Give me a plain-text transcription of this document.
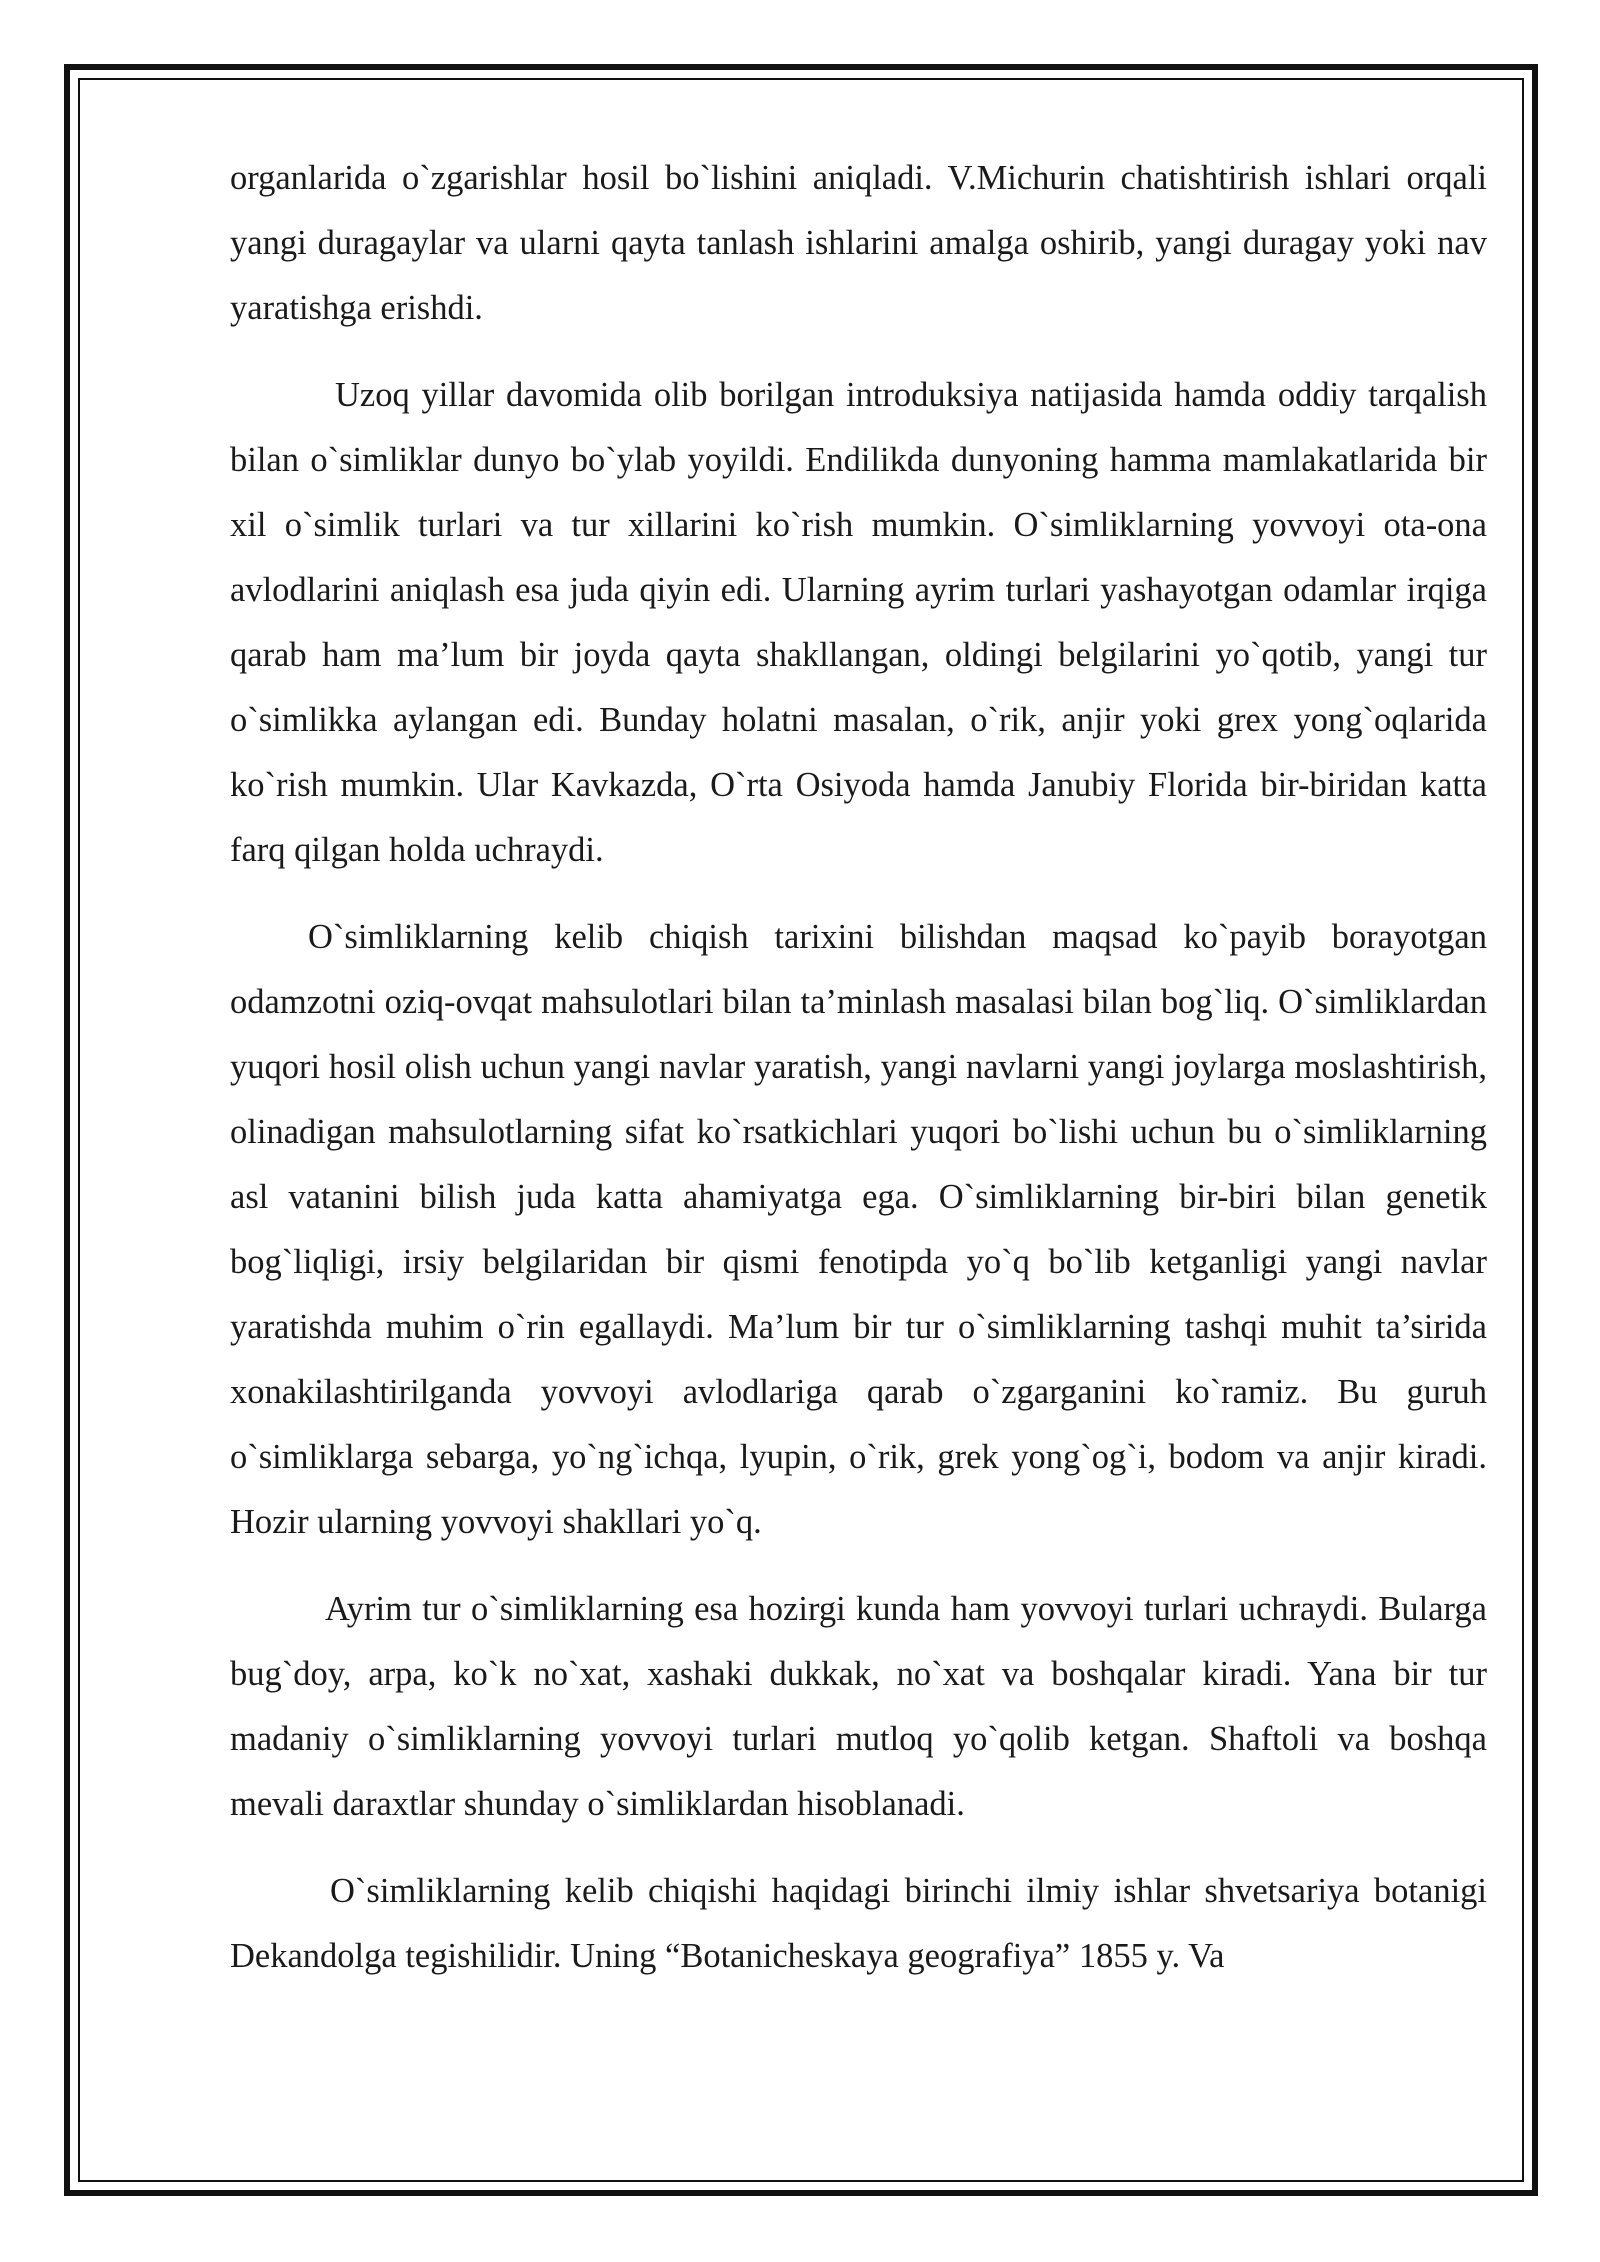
organlarida o`zgarishlar hosil bo`lishini aniqladi. V.Michurin chatishtirish ishlari orqali yangi duragaylar va ularni qayta tanlash ishlarini amalga oshirib, yangi duragay yoki nav yaratishga erishdi.

Uzoq yillar davomida olib borilgan introduksiya natijasida hamda oddiy tarqalish bilan o`simliklar dunyo bo`ylab yoyildi. Endilikda dunyoning hamma mamlakatlarida bir xil o`simlik turlari va tur xillarini ko`rish mumkin. O`simliklarning yovvoyi ota-ona avlodlarini aniqlash esa juda qiyin edi. Ularning ayrim turlari yashayotgan odamlar irqiga qarab ham ma’lum bir joyda qayta shakllangan, oldingi belgilarini yo`qotib, yangi tur o`simlikka aylangan edi. Bunday holatni masalan, o`rik, anjir yoki grex yong`oqlarida ko`rish mumkin. Ular Kavkazda, O`rta Osiyoda hamda Janubiy Florida bir-biridan katta farq qilgan holda uchraydi.

O`simliklarning kelib chiqish tarixini bilishdan maqsad ko`payib borayotgan odamzotni oziq-ovqat mahsulotlari bilan ta’minlash masalasi bilan bog`liq. O`simliklardan yuqori hosil olish uchun yangi navlar yaratish, yangi navlarni yangi joylarga moslashtirish, olinadigan mahsulotlarning sifat ko`rsatkichlari yuqori bo`lishi uchun bu o`simliklarning asl vatanini bilish juda katta ahamiyatga ega. O`simliklarning bir-biri bilan genetik bog`liqligi, irsiy belgilaridan bir qismi fenotipda yo`q bo`lib ketganligi yangi navlar yaratishda muhim o`rin egallaydi. Ma’lum bir tur o`simliklarning tashqi muhit ta’sirida xonakilashtirilganda yovvoyi avlodlariga qarab o`zgarganini ko`ramiz. Bu guruh o`simliklarga sebarga, yo`ng`ichqa, lyupin, o`rik, grek yong`og`i, bodom va anjir kiradi. Hozir ularning yovvoyi shakllari yo`q.

Ayrim tur o`simliklarning esa hozirgi kunda ham yovvoyi turlari uchraydi. Bularga bug`doy, arpa, ko`k no`xat, xashaki dukkak, no`xat va boshqalar kiradi. Yana bir tur madaniy o`simliklarning yovvoyi turlari mutloq yo`qolib ketgan. Shaftoli va boshqa mevali daraxtlar shunday o`simliklardan hisoblanadi.

O`simliklarning kelib chiqishi haqidagi birinchi ilmiy ishlar shvetsariya botanigi Dekandolga tegishilidir. Uning “Botanicheskaya geografiya” 1855 y. Va
